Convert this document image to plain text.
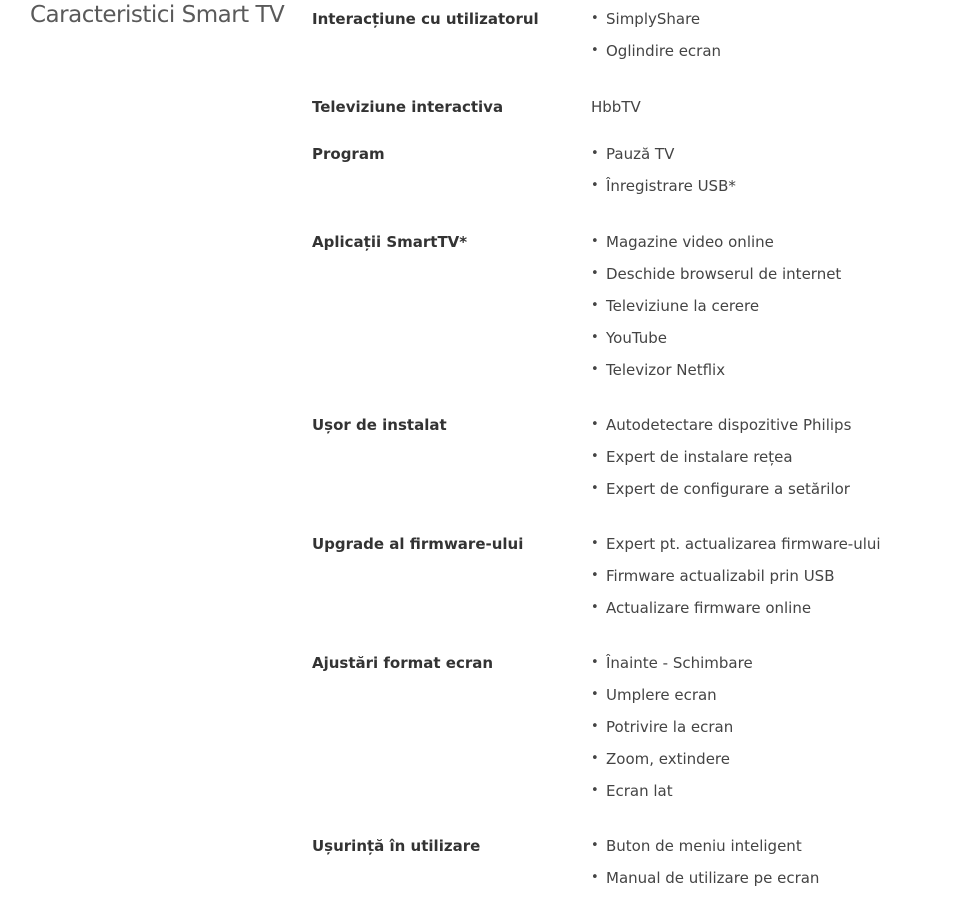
Caracteristici Smart TV Interacțiune cu utilizatorul	• SimplyShare
• Oglindire ecran
Televiziune interactiva	HbbTV
Program	• Pauză TV
• Înregistrare USB*
Aplicații SmartTV*	• Magazine video online
• Deschide browserul de internet
• Televiziune la cerere
• YouTube
• Televizor Netflix
Ușor de instalat	• Autodetectare dispozitive Philips
• Expert de instalare rețea
• Expert de configurare a setărilor
Upgrade al firmware-ului	• Expert pt. actualizarea firmware-ului
• Firmware actualizabil prin USB
• Actualizare firmware online
Ajustări format ecran	• Înainte - Schimbare
• Umplere ecran
• Potrivire la ecran
• Zoom, extindere
• Ecran lat
Ușurință în utilizare	• Buton de meniu inteligent
• Manual de utilizare pe ecran
